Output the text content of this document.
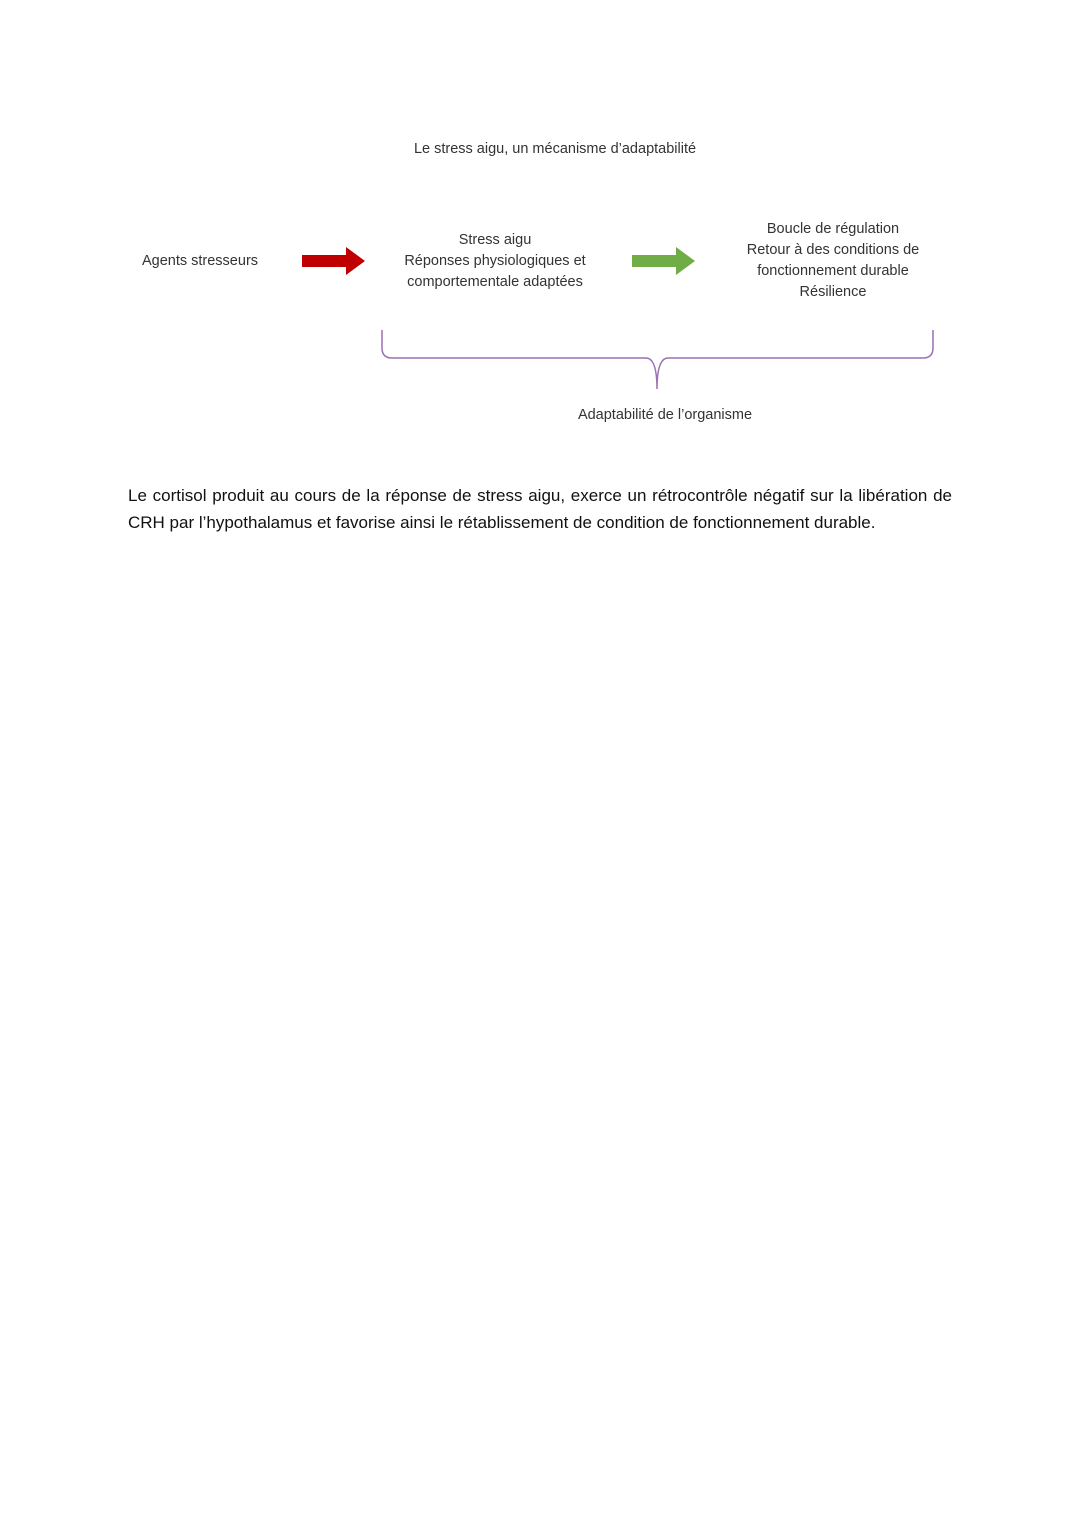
Le stress aigu, un mécanisme d’adaptabilité
Agents stresseurs
Stress aigu
Réponses physiologiques et
comportementale adaptées
Boucle de régulation
Retour à des conditions de
fonctionnement durable
Résilience
Adaptabilité de l’organisme

Le cortisol produit au cours de la réponse de stress aigu, exerce un rétrocontrôle négatif sur la libération de CRH par l’hypothalamus et favorise ainsi le rétablissement de condition de fonctionnement durable.
